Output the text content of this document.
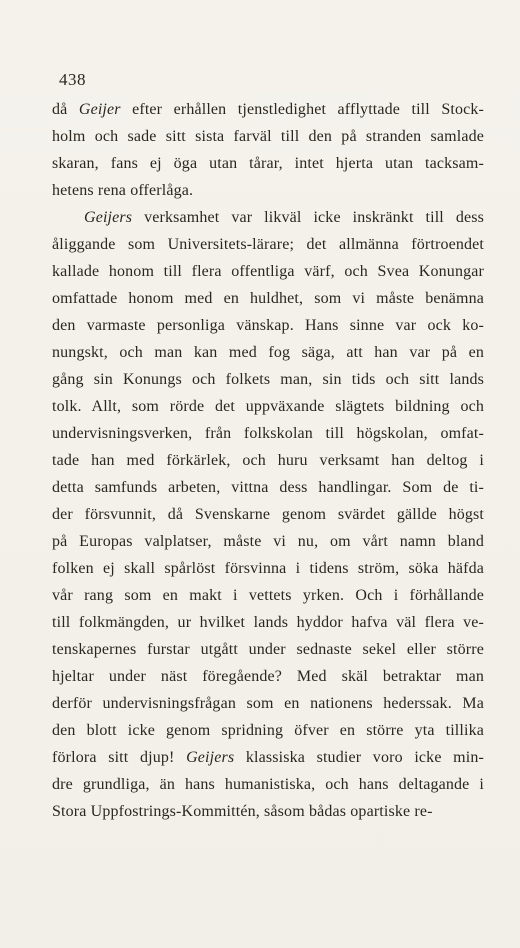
438
då Geijer efter erhållen tjenstledighet afflyttade till Stock-
holm och sade sitt sista farväl till den på stranden samlade
skaran, fans ej öga utan tårar, intet hjerta utan tacksam-
hetens rena offerlåga.
Geijers verksamhet var likväl icke inskränkt till dess
åliggande som Universitets-lärare; det allmänna förtroendet
kallade honom till flera offentliga värf, och Svea Konungar
omfattade honom med en huldhet, som vi måste benämna
den varmaste personliga vänskap. Hans sinne var ock ko-
nungskt, och man kan med fog säga, att han var på en
gång sin Konungs och folkets man, sin tids och sitt lands
tolk. Allt, som rörde det uppväxande slägtets bildning och
undervisningsverken, från folkskolan till högskolan, omfat-
tade han med förkärlek, och huru verksamt han deltog i
detta samfunds arbeten, vittna dess handlingar. Som de ti-
der försvunnit, då Svenskarne genom svärdet gällde högst
på Europas valplatser, måste vi nu, om vårt namn bland
folken ej skall spårlöst försvinna i tidens ström, söka häfda
vår rang som en makt i vettets yrken. Och i förhållande
till folkmängden, ur hvilket lands hyddor hafva väl flera ve-
tenskapernes furstar utgått under sednaste sekel eller större
hjeltar under näst föregående? Med skäl betraktar man
derför undervisningsfrågan som en nationens hederssak. Ma
den blott icke genom spridning öfver en större yta tillika
förlora sitt djup! Geijers klassiska studier voro icke min-
dre grundliga, än hans humanistiska, och hans deltagande i
Stora Uppfostrings-Kommittén, såsom bådas opartiske re-
